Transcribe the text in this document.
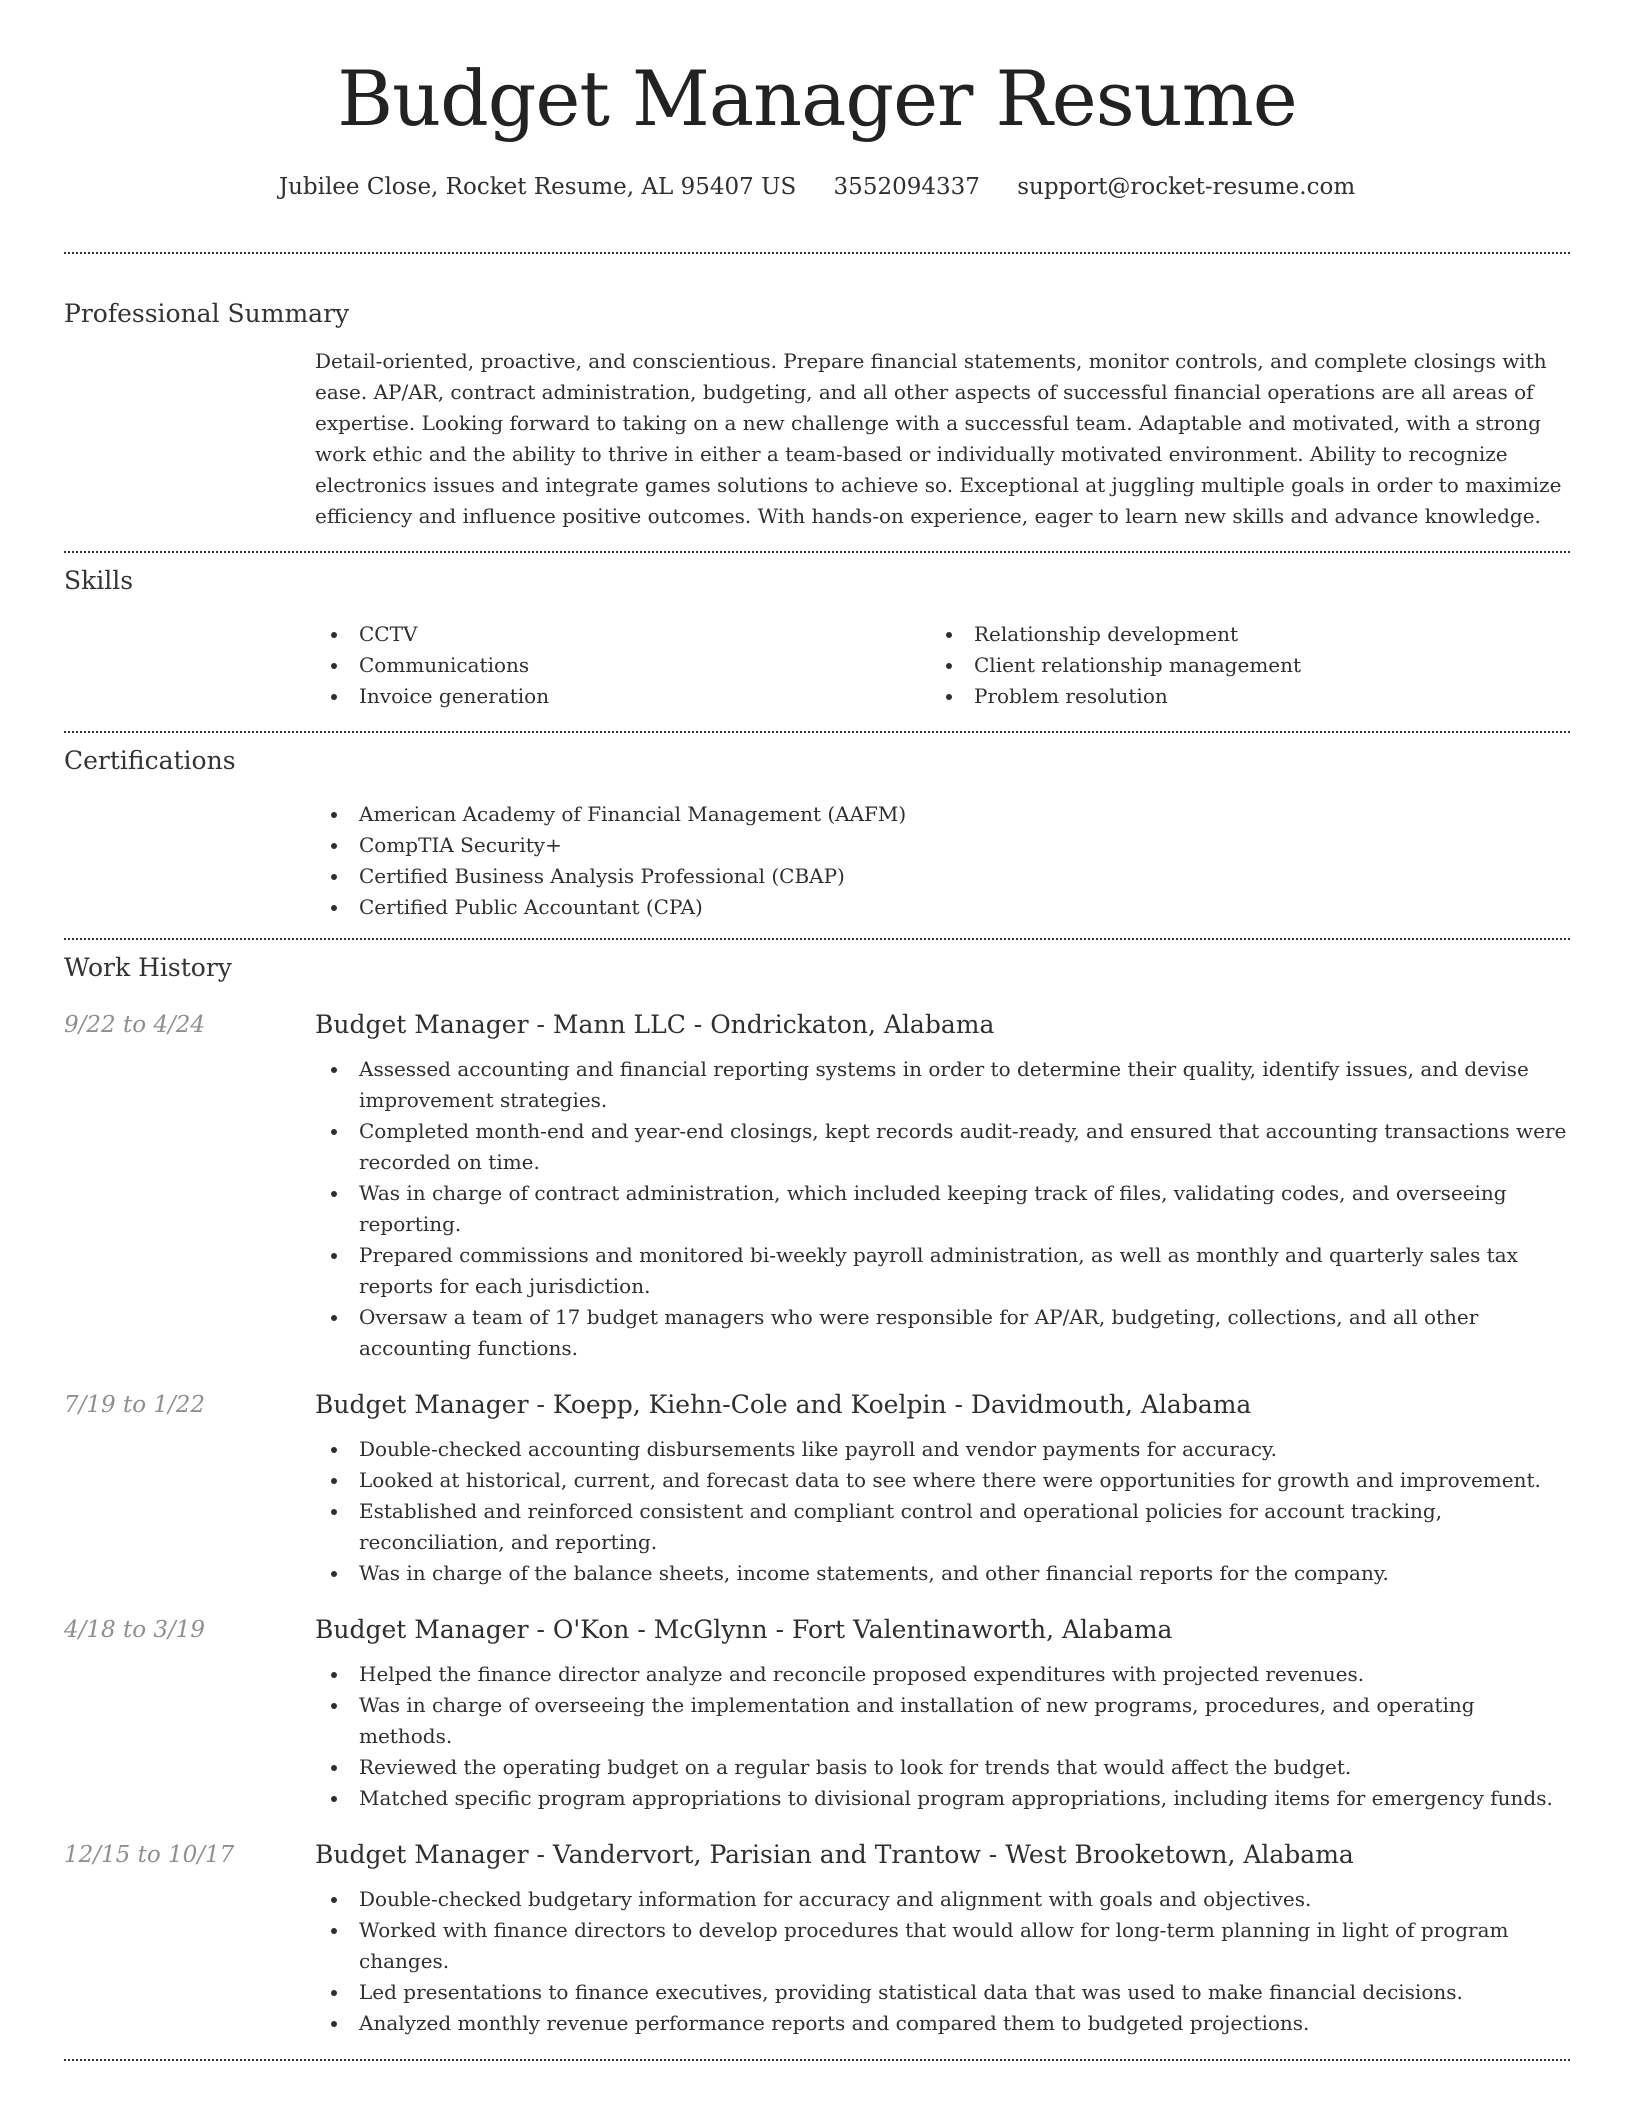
Budget Manager Resume
Jubilee Close, Rocket Resume, AL 95407 US 3552094337 support@rocket-resume.com
Professional Summary

Detail-oriented, proactive, and conscientious. Prepare financial statements, monitor controls, and complete closings with ease. AP/AR, contract administration, budgeting, and all other aspects of successful financial operations are all areas of expertise. Looking forward to taking on a new challenge with a successful team. Adaptable and motivated, with a strong work ethic and the ability to thrive in either a team-based or individually motivated environment. Ability to recognize electronics issues and integrate games solutions to achieve so. Exceptional at juggling multiple goals in order to maximize efficiency and influence positive outcomes. With hands-on experience, eager to learn new skills and advance knowledge.

Skills
CCTV
Communications
Invoice generation
Relationship development
Client relationship management
Problem resolution
Certifications
American Academy of Financial Management (AAFM)
CompTIA Security+
Certified Business Analysis Professional (CBAP)
Certified Public Accountant (CPA)
Work History
9/22 to 4/24	Budget Manager - Mann LLC - Ondrickaton, Alabama
Assessed accounting and financial reporting systems in order to determine their quality, identify issues, and devise improvement strategies.
Completed month-end and year-end closings, kept records audit-ready, and ensured that accounting transactions were recorded on time.
Was in charge of contract administration, which included keeping track of files, validating codes, and overseeing reporting.
Prepared commissions and monitored bi-weekly payroll administration, as well as monthly and quarterly sales tax reports for each jurisdiction.
Oversaw a team of 17 budget managers who were responsible for AP/AR, budgeting, collections, and all other accounting functions.
7/19 to 1/22	Budget Manager - Koepp, Kiehn-Cole and Koelpin - Davidmouth, Alabama
Double-checked accounting disbursements like payroll and vendor payments for accuracy.
Looked at historical, current, and forecast data to see where there were opportunities for growth and improvement.
Established and reinforced consistent and compliant control and operational policies for account tracking, reconciliation, and reporting.
Was in charge of the balance sheets, income statements, and other financial reports for the company.
4/18 to 3/19	Budget Manager - O'Kon - McGlynn - Fort Valentinaworth, Alabama
Helped the finance director analyze and reconcile proposed expenditures with projected revenues.
Was in charge of overseeing the implementation and installation of new programs, procedures, and operating methods.
Reviewed the operating budget on a regular basis to look for trends that would affect the budget.
Matched specific program appropriations to divisional program appropriations, including items for emergency funds.
12/15 to 10/17	Budget Manager - Vandervort, Parisian and Trantow - West Brooketown, Alabama
Double-checked budgetary information for accuracy and alignment with goals and objectives.
Worked with finance directors to develop procedures that would allow for long-term planning in light of program changes.
Led presentations to finance executives, providing statistical data that was used to make financial decisions.
Analyzed monthly revenue performance reports and compared them to budgeted projections.
